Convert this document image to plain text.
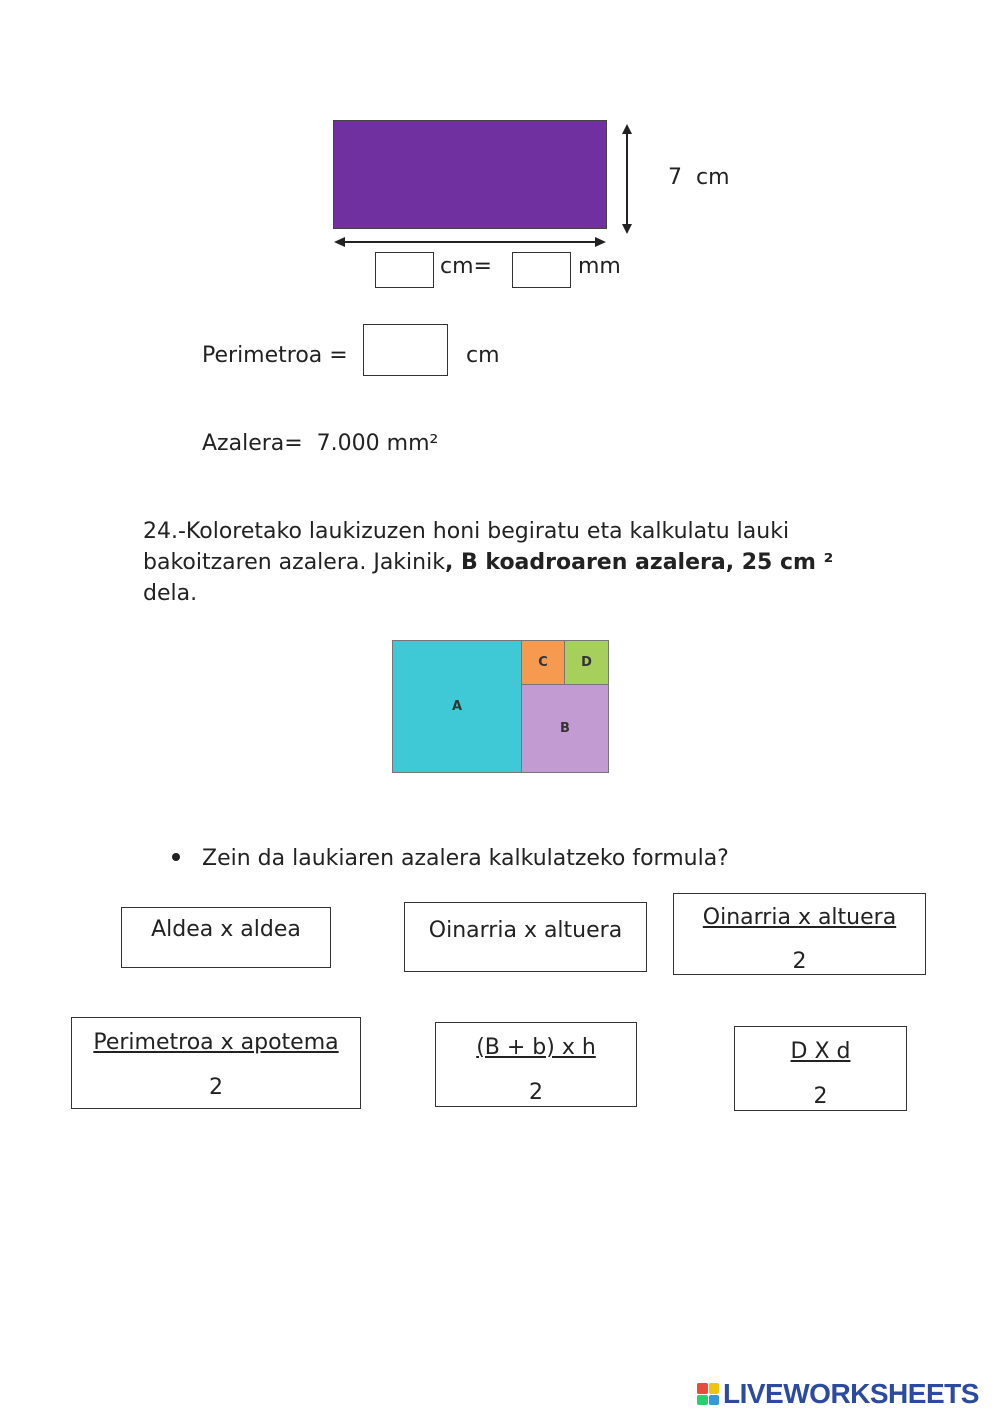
7 cm
cm=	mm
Perimetroa =	cm
Azalera=  7.000 mm²
24.-Koloretako laukizuzen honi begiratu eta kalkulatu lauki bakoitzaren azalera. Jakinik, B koadroaren azalera, 25 cm ² dela.
A
C	D
B
Zein da laukiaren azalera kalkulatzeko formula?
Aldea x aldea	Oinarria x altuera
Oinarria x altuera
2
Perimetroa x apotema
2	$\frac{\text{(B + b) x h}}{2}$	$\frac{\text{D X d}}{2}$
LIVEWORKSHEETS
